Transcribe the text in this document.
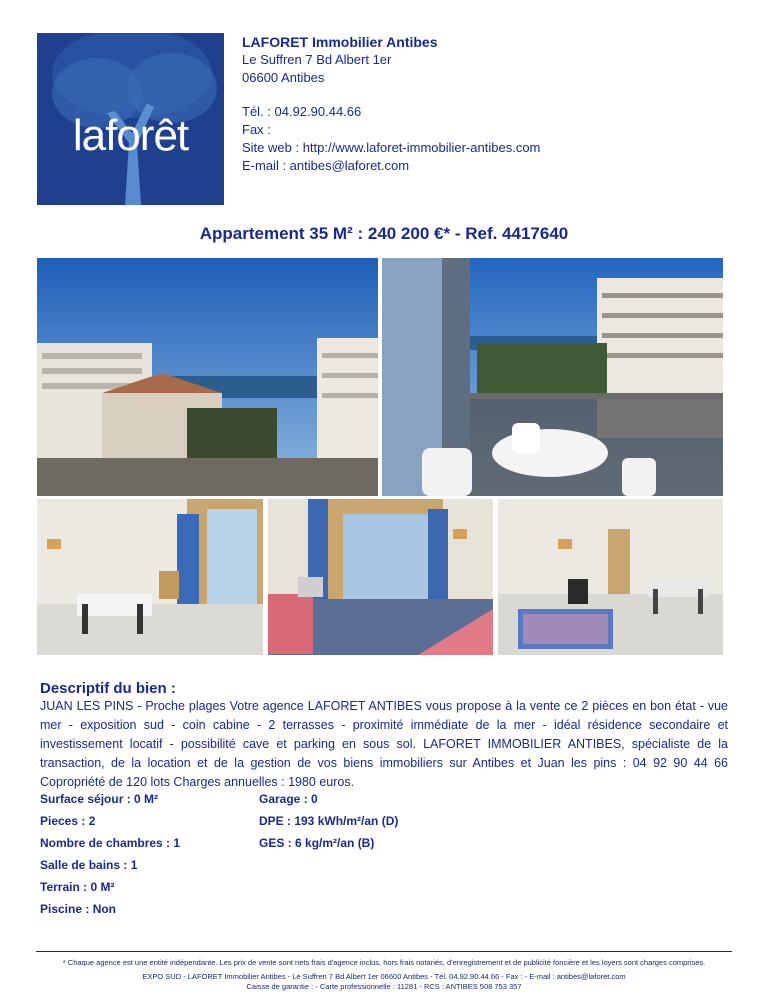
laforêt
LAFORET Immobilier Antibes
Le Suffren 7 Bd Albert 1er
06600 Antibes
Tél. : 04.92.90.44.66
Fax :
Site web : http://www.laforet-immobilier-antibes.com
E-mail : antibes@laforet.com
Appartement 35 M² : 240 200 €* - Ref. 4417640
Descriptif du bien :
JUAN LES PINS - Proche plages Votre agence LAFORET ANTIBES vous propose à la vente ce 2 pièces en bon état - vue mer - exposition sud - coin cabine - 2 terrasses - proximité immédiate de la mer - idéal résidence secondaire et investissement locatif - possibilité cave et parking en sous sol. LAFORET IMMOBILIER ANTIBES, spécialiste de la transaction, de la location et de la gestion de vos biens immobiliers sur Antibes et Juan les pins : 04 92 90 44 66 Copropriété de 120 lots Charges annuelles : 1980 euros.
Surface séjour : 0 M²
Pieces : 2
Nombre de chambres : 1
Salle de bains : 1
Terrain : 0 M²
Piscine : Non
Garage : 0
DPE : 193 kWh/m²/an (D)
GES : 6 kg/m²/an (B)
* Chaque agence est une entité indépendante. Les prix de vente sont nets frais d'agence inclus, hors frais notariés, d'enregistrement et de publicité foncière et les loyers sont charges comprises.
EXPO SUD - LAFORET Immobilier Antibes - Le Suffren 7 Bd Albert 1er 06600 Antibes - Tél. 04.92.90.44.66 - Fax : - E-mail : antibes@laforet.com
Caisse de garantie : - Carte professionnelle : 11281 - RCS : ANTIBES 508 753 357
